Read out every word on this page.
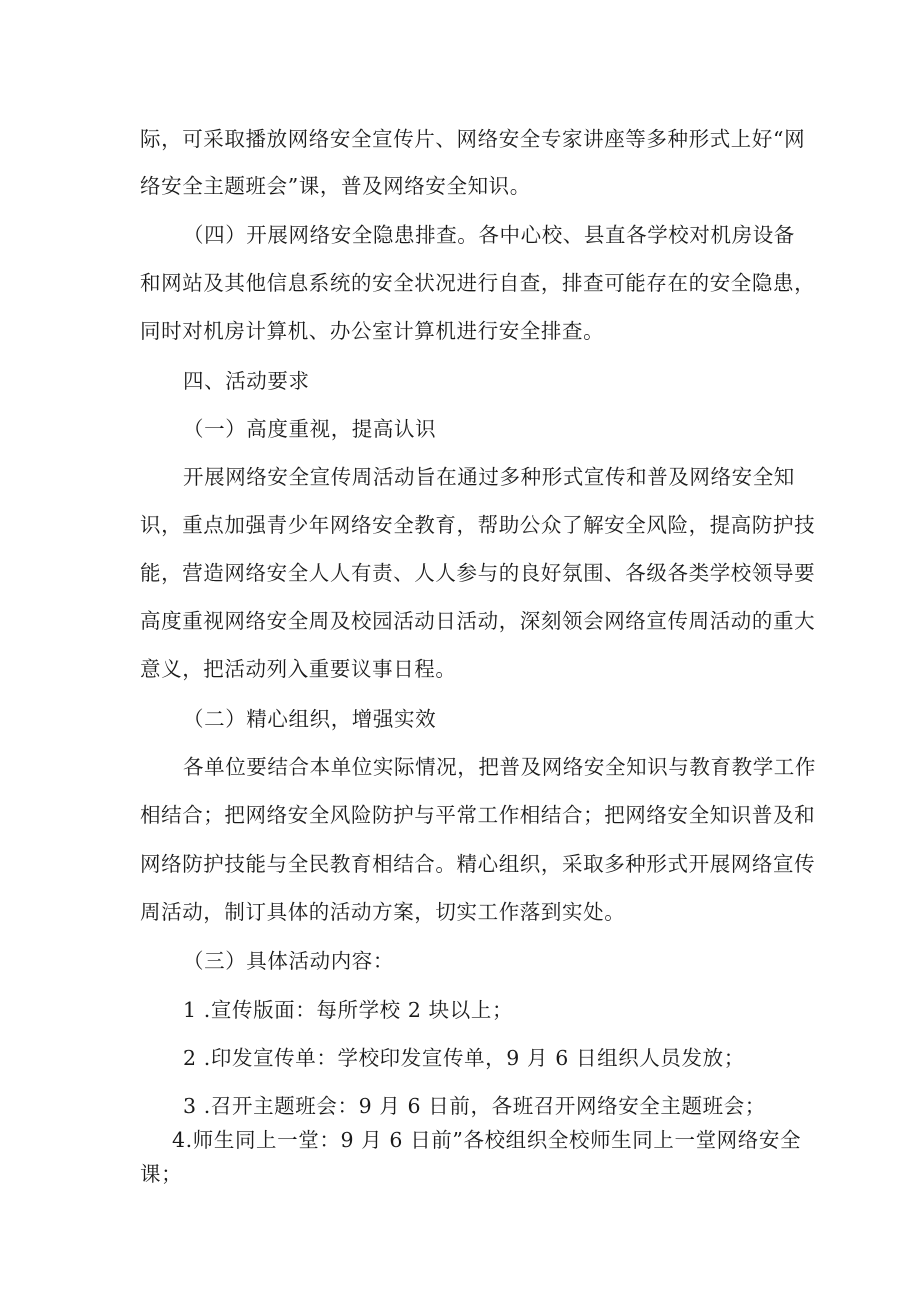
际，可采取播放网络安全宣传片、网络安全专家讲座等多种形式上好“网
络安全主题班会”课，普及网络安全知识。
（四）开展网络安全隐患排查。各中心校、县直各学校对机房设备
和网站及其他信息系统的安全状况进行自查，排查可能存在的安全隐患，
同时对机房计算机、办公室计算机进行安全排查。
四、活动要求
（一）高度重视，提高认识
开展网络安全宣传周活动旨在通过多种形式宣传和普及网络安全知
识，重点加强青少年网络安全教育，帮助公众了解安全风险，提高防护技
能，营造网络安全人人有责、人人参与的良好氛围、各级各类学校领导要
高度重视网络安全周及校园活动日活动，深刻领会网络宣传周活动的重大
意义，把活动列入重要议事日程。
（二）精心组织，增强实效
各单位要结合本单位实际情况，把普及网络安全知识与教育教学工作
相结合；把网络安全风险防护与平常工作相结合；把网络安全知识普及和
网络防护技能与全民教育相结合。精心组织，采取多种形式开展网络宣传
周活动，制订具体的活动方案，切实工作落到实处。
（三）具体活动内容：
1 .宣传版面：每所学校 2 块以上；
2 .印发宣传单：学校印发宣传单，9 月 6 日组织人员发放；
3 .召开主题班会：9 月 6 日前，各班召开网络安全主题班会；
4.师生同上一堂：9 月 6 日前”各校组织全校师生同上一堂网络安全
课；
